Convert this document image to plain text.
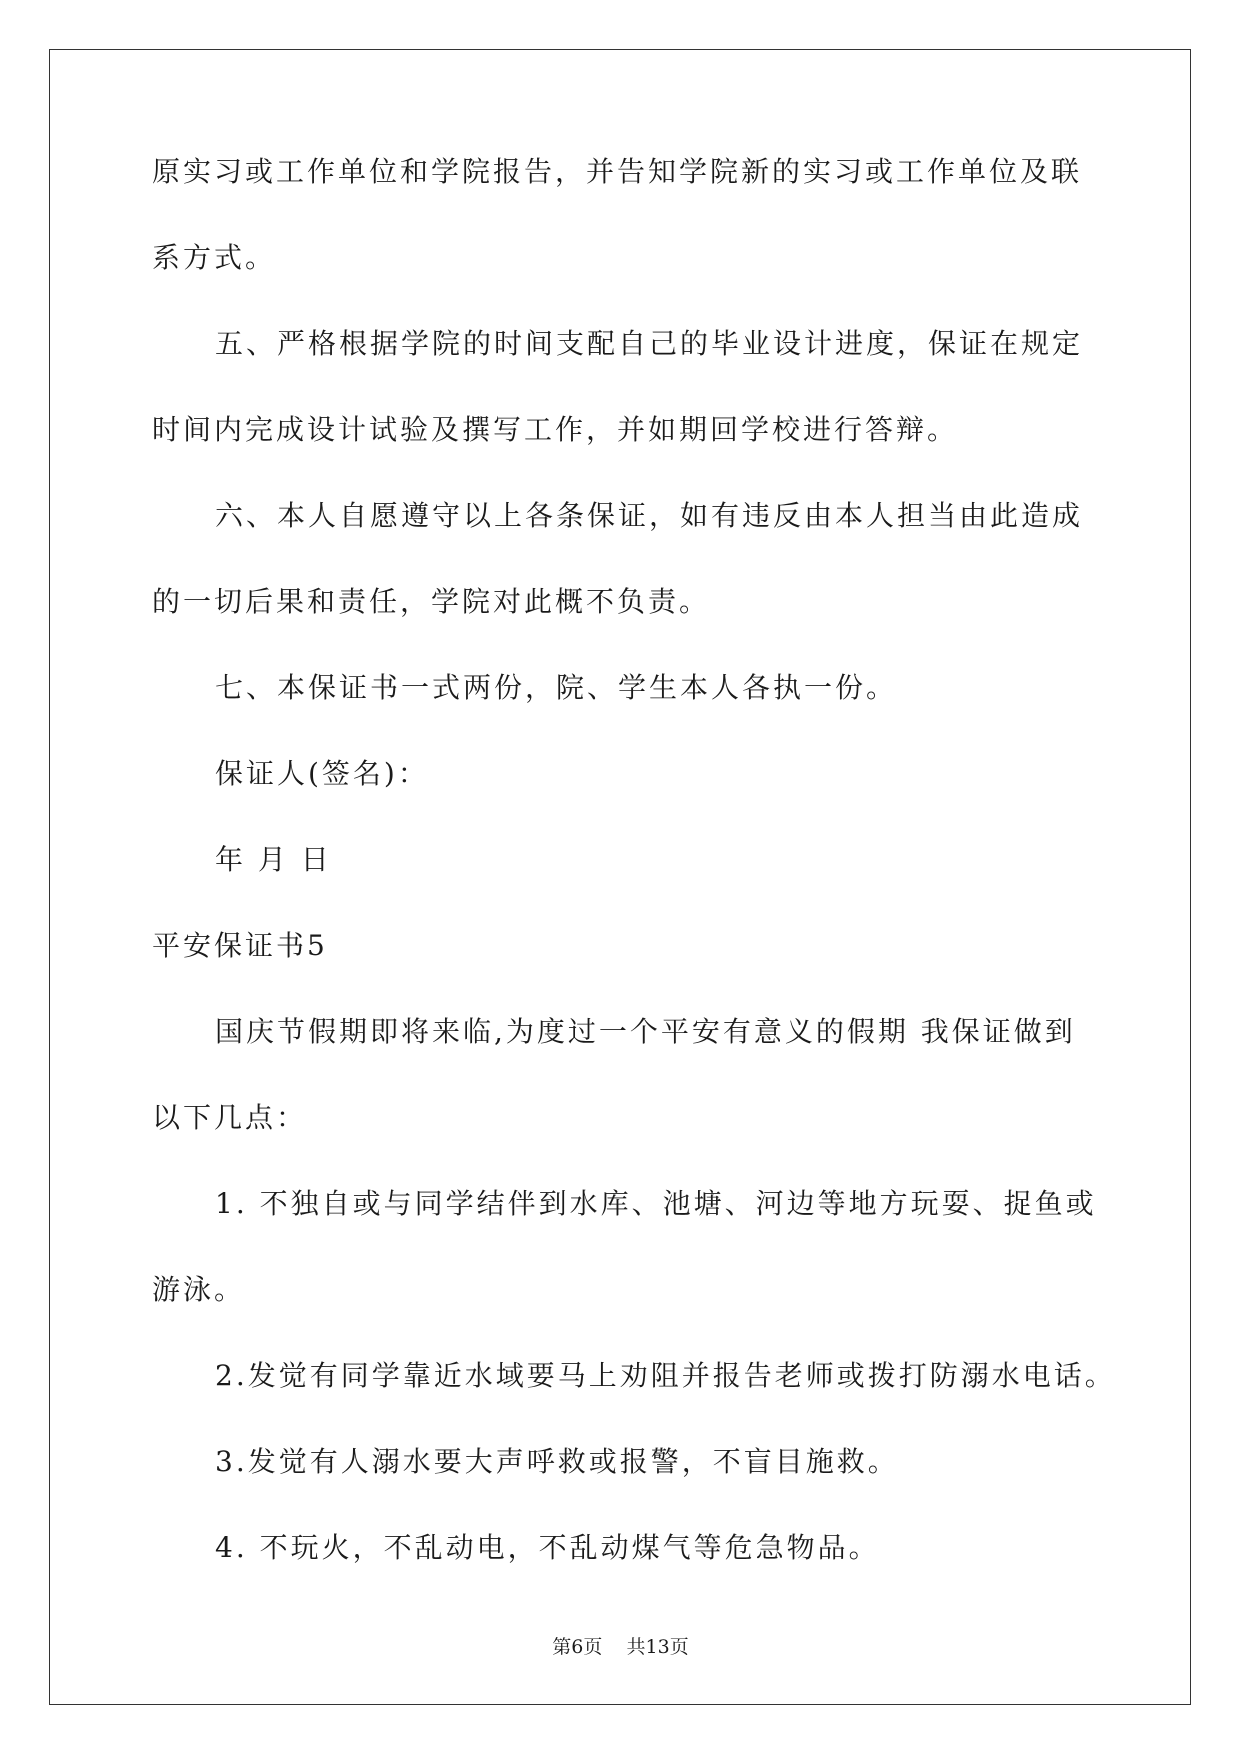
原实习或工作单位和学院报告，并告知学院新的实习或工作单位及联
系方式。
五、严格根据学院的时间支配自己的毕业设计进度，保证在规定
时间内完成设计试验及撰写工作，并如期回学校进行答辩。
六、本人自愿遵守以上各条保证，如有违反由本人担当由此造成
的一切后果和责任，学院对此概不负责。
七、本保证书一式两份，院、学生本人各执一份。
保证人(签名)：
年 月 日
平安保证书5
国庆节假期即将来临,为度过一个平安有意义的假期 我保证做到
以下几点：
1. 不独自或与同学结伴到水库、池塘、河边等地方玩耍、捉鱼或
游泳。
2.发觉有同学靠近水域要马上劝阻并报告老师或拨打防溺水电话。
3.发觉有人溺水要大声呼救或报警，不盲目施救。
4. 不玩火，不乱动电，不乱动煤气等危急物品。
第6页    共13页
